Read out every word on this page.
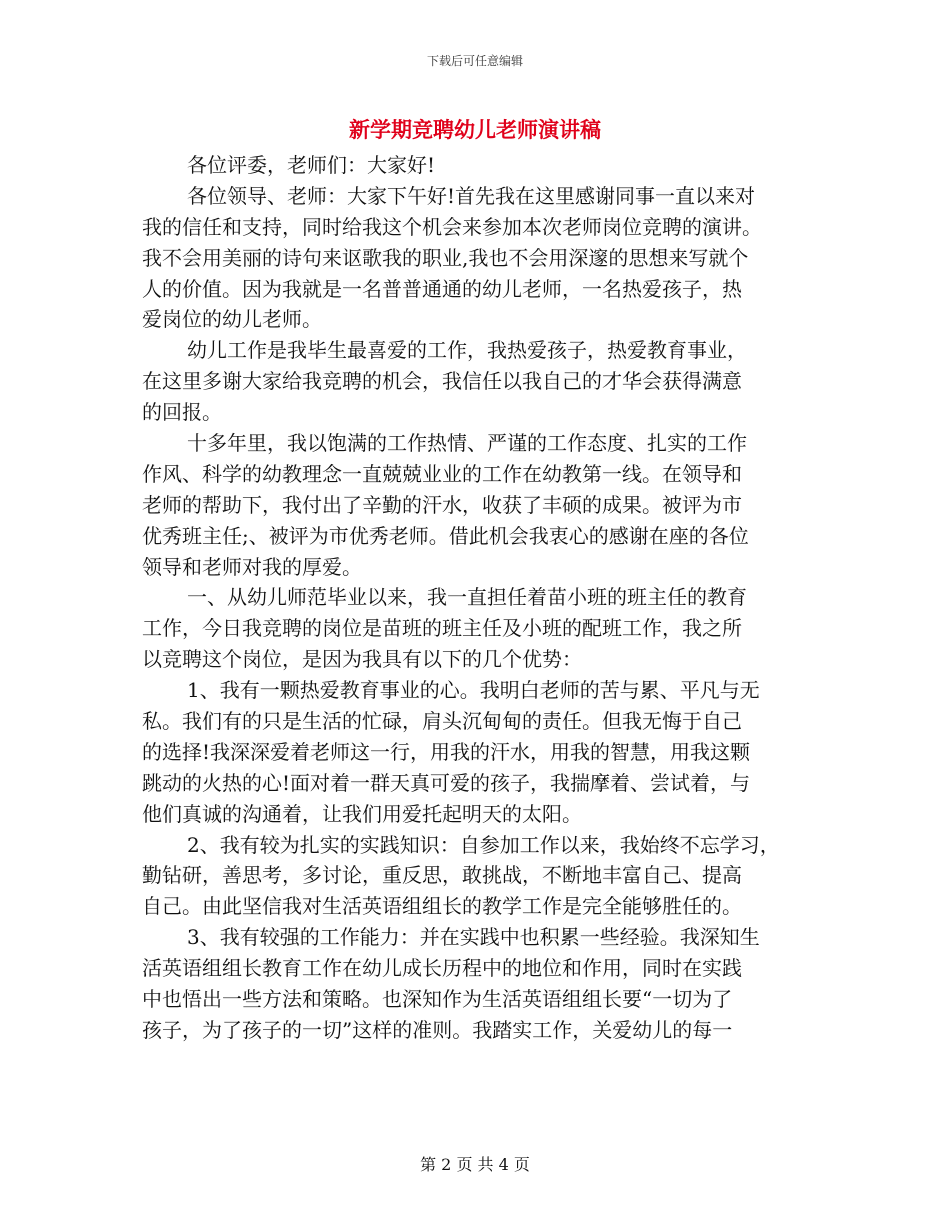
下载后可任意编辑
新学期竞聘幼儿老师演讲稿
各位评委，老师们：大家好!
各位领导、老师：大家下午好!首先我在这里感谢同事一直以来对
我的信任和支持，同时给我这个机会来参加本次老师岗位竞聘的演讲。
我不会用美丽的诗句来讴歌我的职业,我也不会用深邃的思想来写就个
人的价值。因为我就是一名普普通通的幼儿老师，一名热爱孩子，热
爱岗位的幼儿老师。
幼儿工作是我毕生最喜爱的工作，我热爱孩子，热爱教育事业，
在这里多谢大家给我竞聘的机会，我信任以我自己的才华会获得满意
的回报。
十多年里，我以饱满的工作热情、严谨的工作态度、扎实的工作
作风、科学的幼教理念一直兢兢业业的工作在幼教第一线。在领导和
老师的帮助下，我付出了辛勤的汗水，收获了丰硕的成果。被评为市
优秀班主任;、被评为市优秀老师。借此机会我衷心的感谢在座的各位
领导和老师对我的厚爱。
一、从幼儿师范毕业以来，我一直担任着苗小班的班主任的教育
工作，今日我竞聘的岗位是苗班的班主任及小班的配班工作，我之所
以竞聘这个岗位，是因为我具有以下的几个优势：
1、我有一颗热爱教育事业的心。我明白老师的苦与累、平凡与无
私。我们有的只是生活的忙碌，肩头沉甸甸的责任。但我无悔于自己
的选择!我深深爱着老师这一行，用我的汗水，用我的智慧，用我这颗
跳动的火热的心!面对着一群天真可爱的孩子，我揣摩着、尝试着，与
他们真诚的沟通着，让我们用爱托起明天的太阳。
2、我有较为扎实的实践知识：自参加工作以来，我始终不忘学习，
勤钻研，善思考，多讨论，重反思，敢挑战，不断地丰富自己、提高
自己。由此坚信我对生活英语组组长的教学工作是完全能够胜任的。
3、我有较强的工作能力：并在实践中也积累一些经验。我深知生
活英语组组长教育工作在幼儿成长历程中的地位和作用，同时在实践
中也悟出一些方法和策略。也深知作为生活英语组组长要“一切为了
孩子，为了孩子的一切”这样的准则。我踏实工作，关爱幼儿的每一
第 2 页 共 4 页
